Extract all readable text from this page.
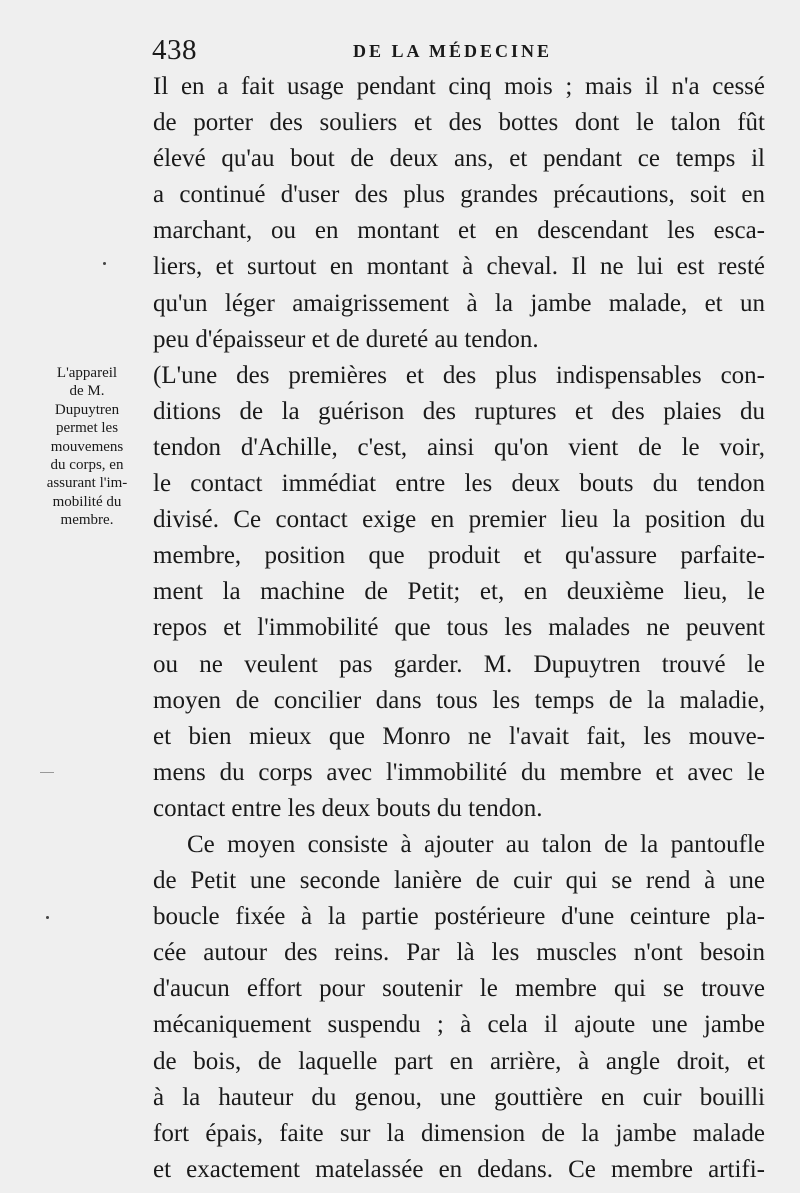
438	DE LA MÉDECINE
L'appareil
de M.
Dupuytren
permet les
mouvemens
du corps, en
assurant l'im-
mobilité du
membre.

Il en a fait usage pendant cinq mois ; mais il n'a cessé
de porter des souliers et des bottes dont le talon fût
élevé qu'au bout de deux ans, et pendant ce temps il
a continué d'user des plus grandes précautions, soit en
marchant, ou en montant et en descendant les esca-
liers, et surtout en montant à cheval. Il ne lui est resté
qu'un léger amaigrissement à la jambe malade, et un
peu d'épaisseur et de dureté au tendon.

(L'une des premières et des plus indispensables con-
ditions de la guérison des ruptures et des plaies du
tendon d'Achille, c'est, ainsi qu'on vient de le voir,
le contact immédiat entre les deux bouts du tendon
divisé. Ce contact exige en premier lieu la position du
membre, position que produit et qu'assure parfaite-
ment la machine de Petit; et, en deuxième lieu, le
repos et l'immobilité que tous les malades ne peuvent
ou ne veulent pas garder. M. Dupuytren trouvé le
moyen de concilier dans tous les temps de la maladie,
et bien mieux que Monro ne l'avait fait, les mouve-
mens du corps avec l'immobilité du membre et avec le
contact entre les deux bouts du tendon.

Ce moyen consiste à ajouter au talon de la pantoufle
de Petit une seconde lanière de cuir qui se rend à une
boucle fixée à la partie postérieure d'une ceinture pla-
cée autour des reins. Par là les muscles n'ont besoin
d'aucun effort pour soutenir le membre qui se trouve
mécaniquement suspendu ; à cela il ajoute une jambe
de bois, de laquelle part en arrière, à angle droit, et
à la hauteur du genou, une gouttière en cuir bouilli
fort épais, faite sur la dimension de la jambe malade
et exactement matelassée en dedans. Ce membre artifi-
